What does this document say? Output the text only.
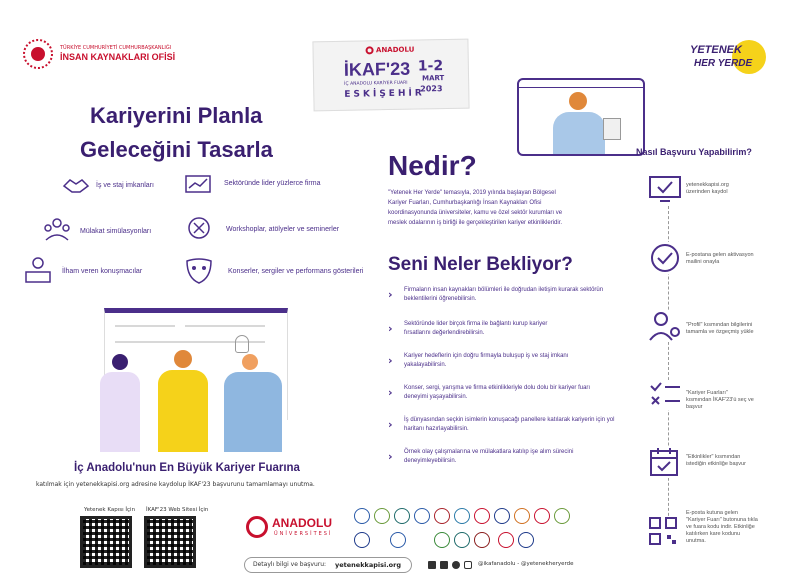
TÜRKİYE CUMHURİYETİ CUMHURBAŞKANLIĞI
İNSAN KAYNAKLARI OFİSİ
ANADOLU
İKAF'23 1-2
MART
İÇ ANADOLU KARİYER FUARI
2023
ESKİŞEHİR
YETENEK
HER YERDE
Kariyerini Planla
Geleceğini Tasarla
İş ve staj imkanları	Sektöründe lider yüzlerce firma
Mülakat simülasyonları	Workshoplar, atölyeler ve seminerler
İlham veren konuşmacılar	Konserler, sergiler ve performans gösterileri
İç Anadolu'nun En Büyük Kariyer Fuarına
katılmak için yetenekkapisi.org adresine kaydolup İKAF'23 başvurunu tamamlamayı unutma.
Yetenek Kapısı İçin İKAF'23 Web Sitesi İçin
Nedir?
"Yetenek Her Yerde" temasıyla, 2019 yılında başlayan Bölgesel Kariyer Fuarları, Cumhurbaşkanlığı İnsan Kaynakları Ofisi koordinasyonunda üniversiteler, kamu ve özel sektör kurumları ve meslek odalarının iş birliği ile gerçekleştirilen kariyer etkinlikleridir.
Seni Neler Bekliyor?
› Firmaların insan kaynakları bölümleri ile doğrudan iletişim kurarak sektörün beklentilerini öğrenebilirsin.
› Sektöründe lider birçok firma ile bağlantı kurup kariyer fırsatlarını değerlendirebilirsin.
› Kariyer hedeflerin için doğru firmayla buluşup iş ve staj imkanı yakalayabilirsin.
› Konser, sergi, yarışma ve firma etkinlikleriyle dolu dolu bir kariyer fuarı deneyimi yaşayabilirsin.
› İş dünyasından seçkin isimlerin konuşacağı panellere katılarak kariyerin için yol haritanı hazırlayabilirsin.
› Örnek olay çalışmalarına ve mülakatlara katılıp işe alım sürecini deneyimleyebilirsin.
Nasıl Başvuru Yapabilirim?
yetenekkapisi.org üzerinden kaydol
E-postana gelen aktivasyon mailini onayla
"Profil" kısmından bilgilerini tamamla ve özgeçmiş yükle
"Kariyer Fuarları" kısmından İKAF'23'ü seç ve başvur
"Etkinlikler" kısmından istediğin etkinliğe başvur
E-posta kutuna gelen "Kariyer Fuarı" butonuna tıkla ve fuara kodu indir. Etkinliğe katılırken kare kodunu unutma.
ANADOLU
ÜNİVERSİTESİ
Detaylı bilgi ve başvuru: yetenekkapisi.org	@ikafanadolu - @yetenekheryerde
